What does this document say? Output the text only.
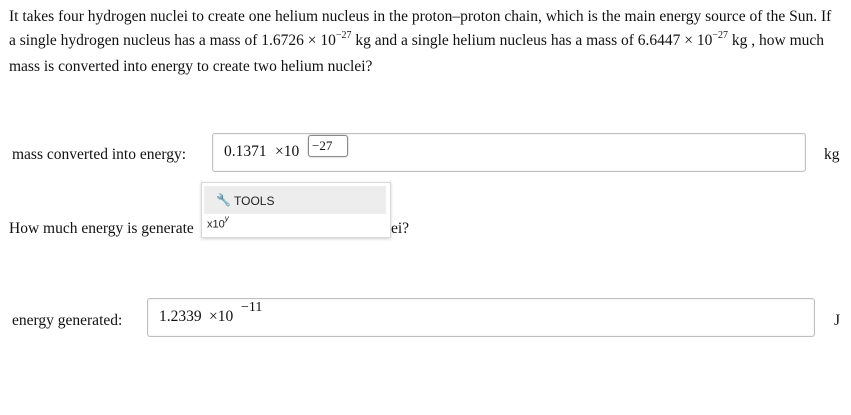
It takes four hydrogen nuclei to create one helium nucleus in the proton–proton chain, which is the main energy source of the Sun. If a single hydrogen nucleus has a mass of $1.6726 \times 10^{-27}$ kg and a single helium nucleus has a mass of $6.6447 \times 10^{-27}$ kg , how much mass is converted into energy to create two helium nuclei?
mass converted into energy: 0.1371 ×10 −27
kg
How much energy is generate	ei?
🔧 TOOLS
x10$^y$
energy generated: 1.2339 ×10
−11
J
